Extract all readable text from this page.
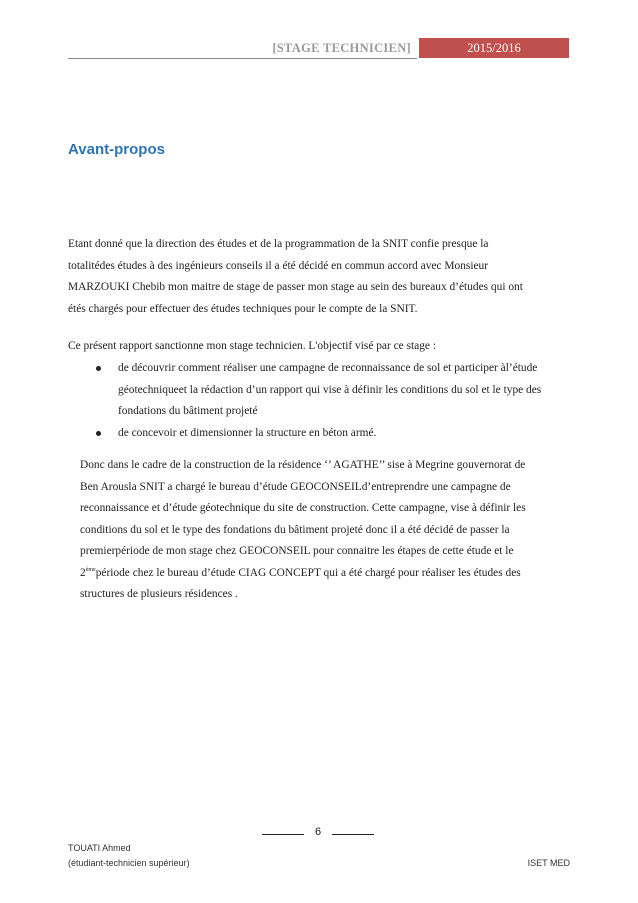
[STAGE TECHNICIEN]	2015/2016
Avant-propos
Etant donné que la direction des études et de la programmation de la SNIT confie presque la
totalitédes études à des ingénieurs conseils il a été décidé en commun accord avec Monsieur
MARZOUKI Chebib mon maitre de stage de passer mon stage au sein des bureaux d’études qui ont
étés chargés pour effectuer des études techniques pour le compte de la SNIT.
Ce présent rapport sanctionne mon stage technicien. L'objectif visé par ce stage :
de découvrir comment réaliser une campagne de reconnaissance de sol et participer àl’étude
géotechniqueet la rédaction d’un rapport qui vise à définir les conditions du sol et le type des
fondations du bâtiment projeté
de concevoir et dimensionner la structure en béton armé.
Donc dans le cadre de la construction de la résidence ‘’ AGATHE’’ sise à Megrine gouvernorat de
Ben Arousla SNIT a chargé le bureau d’étude GEOCONSEILd’entreprendre une campagne de
reconnaissance et d’étude géotechnique du site de construction. Cette campagne, vise à définir les
conditions du sol et le type des fondations du bâtiment projeté donc il a été décidé de passer la
premierpériode de mon stage chez GEOCONSEIL pour connaitre les étapes de cette étude et le
2èmepériode chez le bureau d’étude CIAG CONCEPT qui a été chargé pour réaliser les études des
structures de plusieurs résidences .
6
TOUATI Ahmed
(étudiant-technicien supérieur)	ISET MED
